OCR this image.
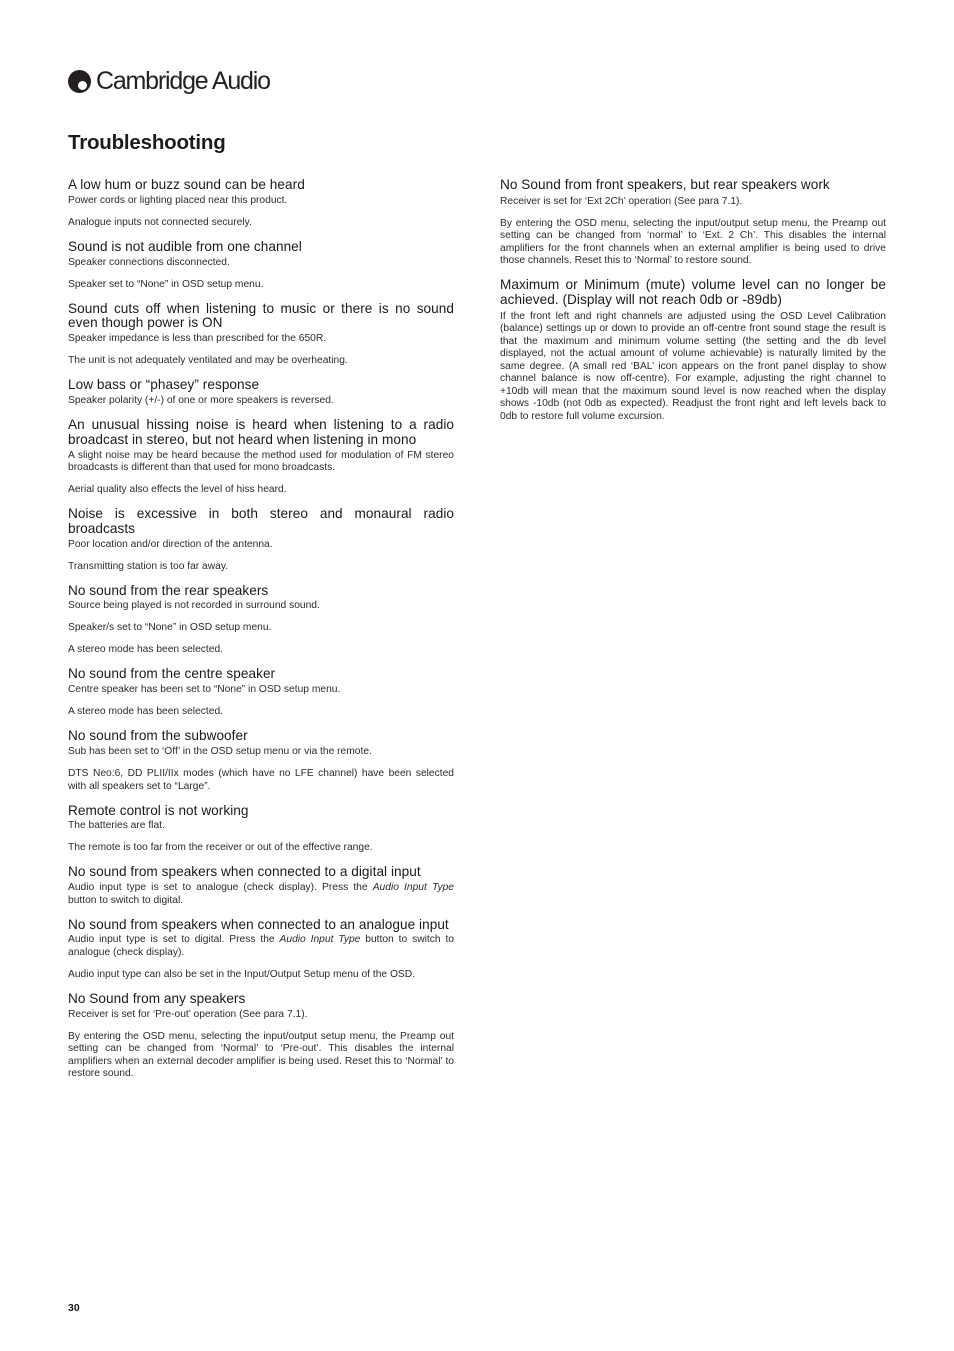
Cambridge Audio
Troubleshooting
A low hum or buzz sound can be heard

Power cords or lighting placed near this product.

Analogue inputs not connected securely.

Sound is not audible from one channel

Speaker connections disconnected.

Speaker set to “None” in OSD setup menu.

Sound cuts off when listening to music or there is no sound even though power is ON

Speaker impedance is less than prescribed for the 650R.

The unit is not adequately ventilated and may be overheating.

Low bass or “phasey” response

Speaker polarity (+/-) of one or more speakers is reversed.

An unusual hissing noise is heard when listening to a radio broadcast in stereo, but not heard when listening in mono

A slight noise may be heard because the method used for modulation of FM stereo broadcasts is different than that used for mono broadcasts.

Aerial quality also effects the level of hiss heard.

Noise is excessive in both stereo and monaural radio broadcasts

Poor location and/or direction of the antenna.

Transmitting station is too far away.

No sound from the rear speakers

Source being played is not recorded in surround sound.

Speaker/s set to “None” in OSD setup menu.

A stereo mode has been selected.

No sound from the centre speaker

Centre speaker has been set to “None” in OSD setup menu.

A stereo mode has been selected.

No sound from the subwoofer

Sub has been set to ‘Off’ in the OSD setup menu or via the remote.

DTS Neo:6, DD PLII/IIx modes (which have no LFE channel) have been selected with all speakers set to “Large”.

Remote control is not working

The batteries are flat.

The remote is too far from the receiver or out of the effective range.

No sound from speakers when connected to a digital input

Audio input type is set to analogue (check display). Press the Audio Input Type button to switch to digital.

No sound from speakers when connected to an analogue input

Audio input type is set to digital. Press the Audio Input Type button to switch to analogue (check display).

Audio input type can also be set in the Input/Output Setup menu of the OSD.

No Sound from any speakers

Receiver is set for ‘Pre-out’ operation (See para 7.1).

By entering the OSD menu, selecting the input/output setup menu, the Preamp out setting can be changed from ‘Normal’ to ‘Pre-out’. This disables the internal amplifiers when an external decoder amplifier is being used. Reset this to ‘Normal’ to restore sound.

No Sound from front speakers, but rear speakers work

Receiver is set for ‘Ext 2Ch’ operation (See para 7.1).

By entering the OSD menu, selecting the input/output setup menu, the Preamp out setting can be changed from ‘normal’ to ‘Ext. 2 Ch’. This disables the internal amplifiers for the front channels when an external amplifier is being used to drive those channels. Reset this to ‘Normal’ to restore sound.

Maximum or Minimum (mute) volume level can no longer be achieved. (Display will not reach 0db or -89db)

If the front left and right channels are adjusted using the OSD Level Calibration (balance) settings up or down to provide an off-centre front sound stage the result is that the maximum and minimum volume setting (the setting and the db level displayed, not the actual amount of volume achievable) is naturally limited by the same degree. (A small red ‘BAL’ icon appears on the front panel display to show channel balance is now off-centre). For example, adjusting the right channel to +10db will mean that the maximum sound level is now reached when the display shows -10db (not 0db as expected). Readjust the front right and left levels back to 0db to restore full volume excursion.

30
